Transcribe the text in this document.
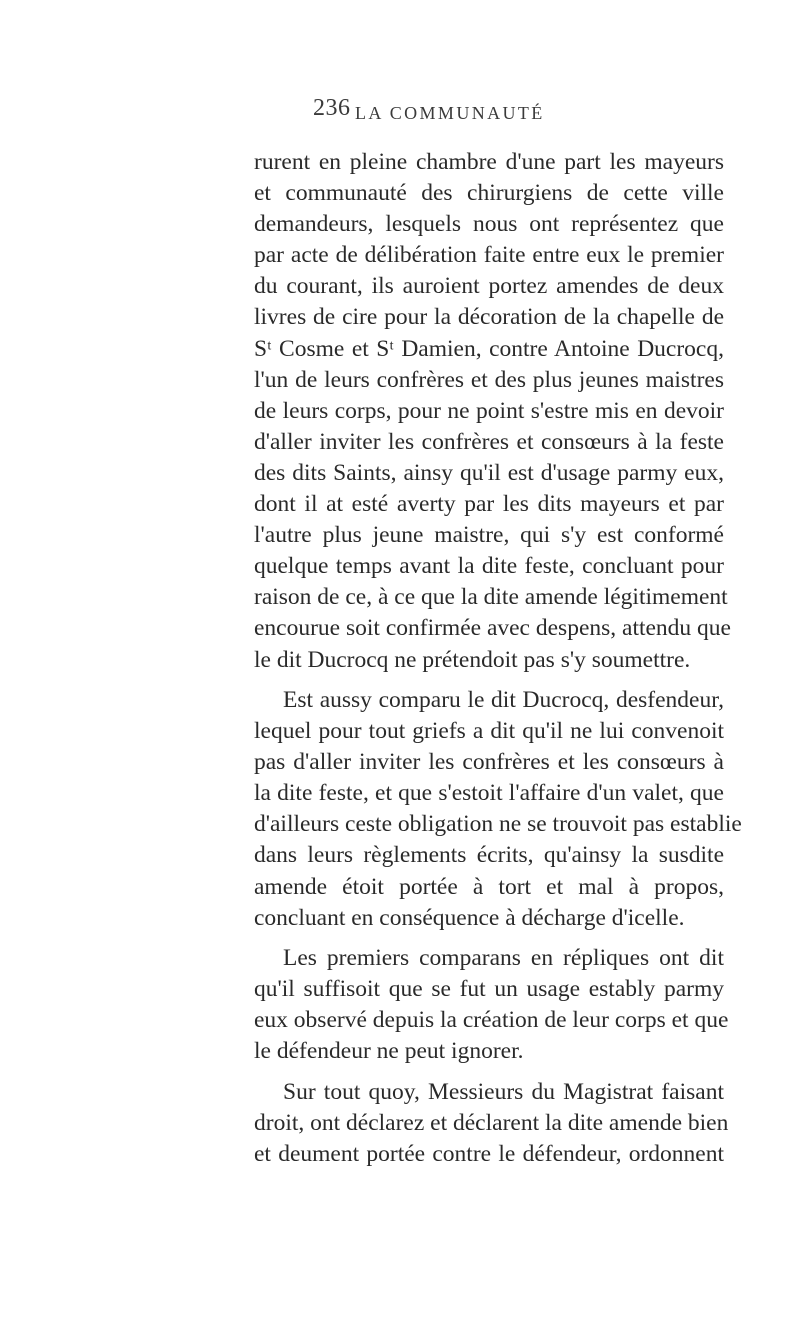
236 LA COMMUNAUTÉ

rurent en pleine chambre d'une part les mayeurs
et communauté des chirurgiens de cette ville
demandeurs, lesquels nous ont représentez que
par acte de délibération faite entre eux le premier
du courant, ils auroient portez amendes de deux
livres de cire pour la décoration de la chapelle de
Sᵗ Cosme et Sᵗ Damien, contre Antoine Ducrocq,
l'un de leurs confrères et des plus jeunes maistres
de leurs corps, pour ne point s'estre mis en devoir
d'aller inviter les confrères et consœurs à la feste
des dits Saints, ainsy qu'il est d'usage parmy eux,
dont il at esté averty par les dits mayeurs et par
l'autre plus jeune maistre, qui s'y est conformé
quelque temps avant la dite feste, concluant pour
raison de ce, à ce que la dite amende légitimement
encourue soit confirmée avec despens, attendu que
le dit Ducrocq ne prétendoit pas s'y soumettre.

Est aussy comparu le dit Ducrocq, desfendeur,
lequel pour tout griefs a dit qu'il ne lui convenoit
pas d'aller inviter les confrères et les consœurs à
la dite feste, et que s'estoit l'affaire d'un valet, que
d'ailleurs ceste obligation ne se trouvoit pas establie
dans leurs règlements écrits, qu'ainsy la susdite
amende étoit portée à tort et mal à propos,
concluant en conséquence à décharge d'icelle.

Les premiers comparans en répliques ont dit
qu'il suffisoit que se fut un usage estably parmy
eux observé depuis la création de leur corps et que
le défendeur ne peut ignorer.

Sur tout quoy, Messieurs du Magistrat faisant
droit, ont déclarez et déclarent la dite amende bien
et deument portée contre le défendeur, ordonnent
